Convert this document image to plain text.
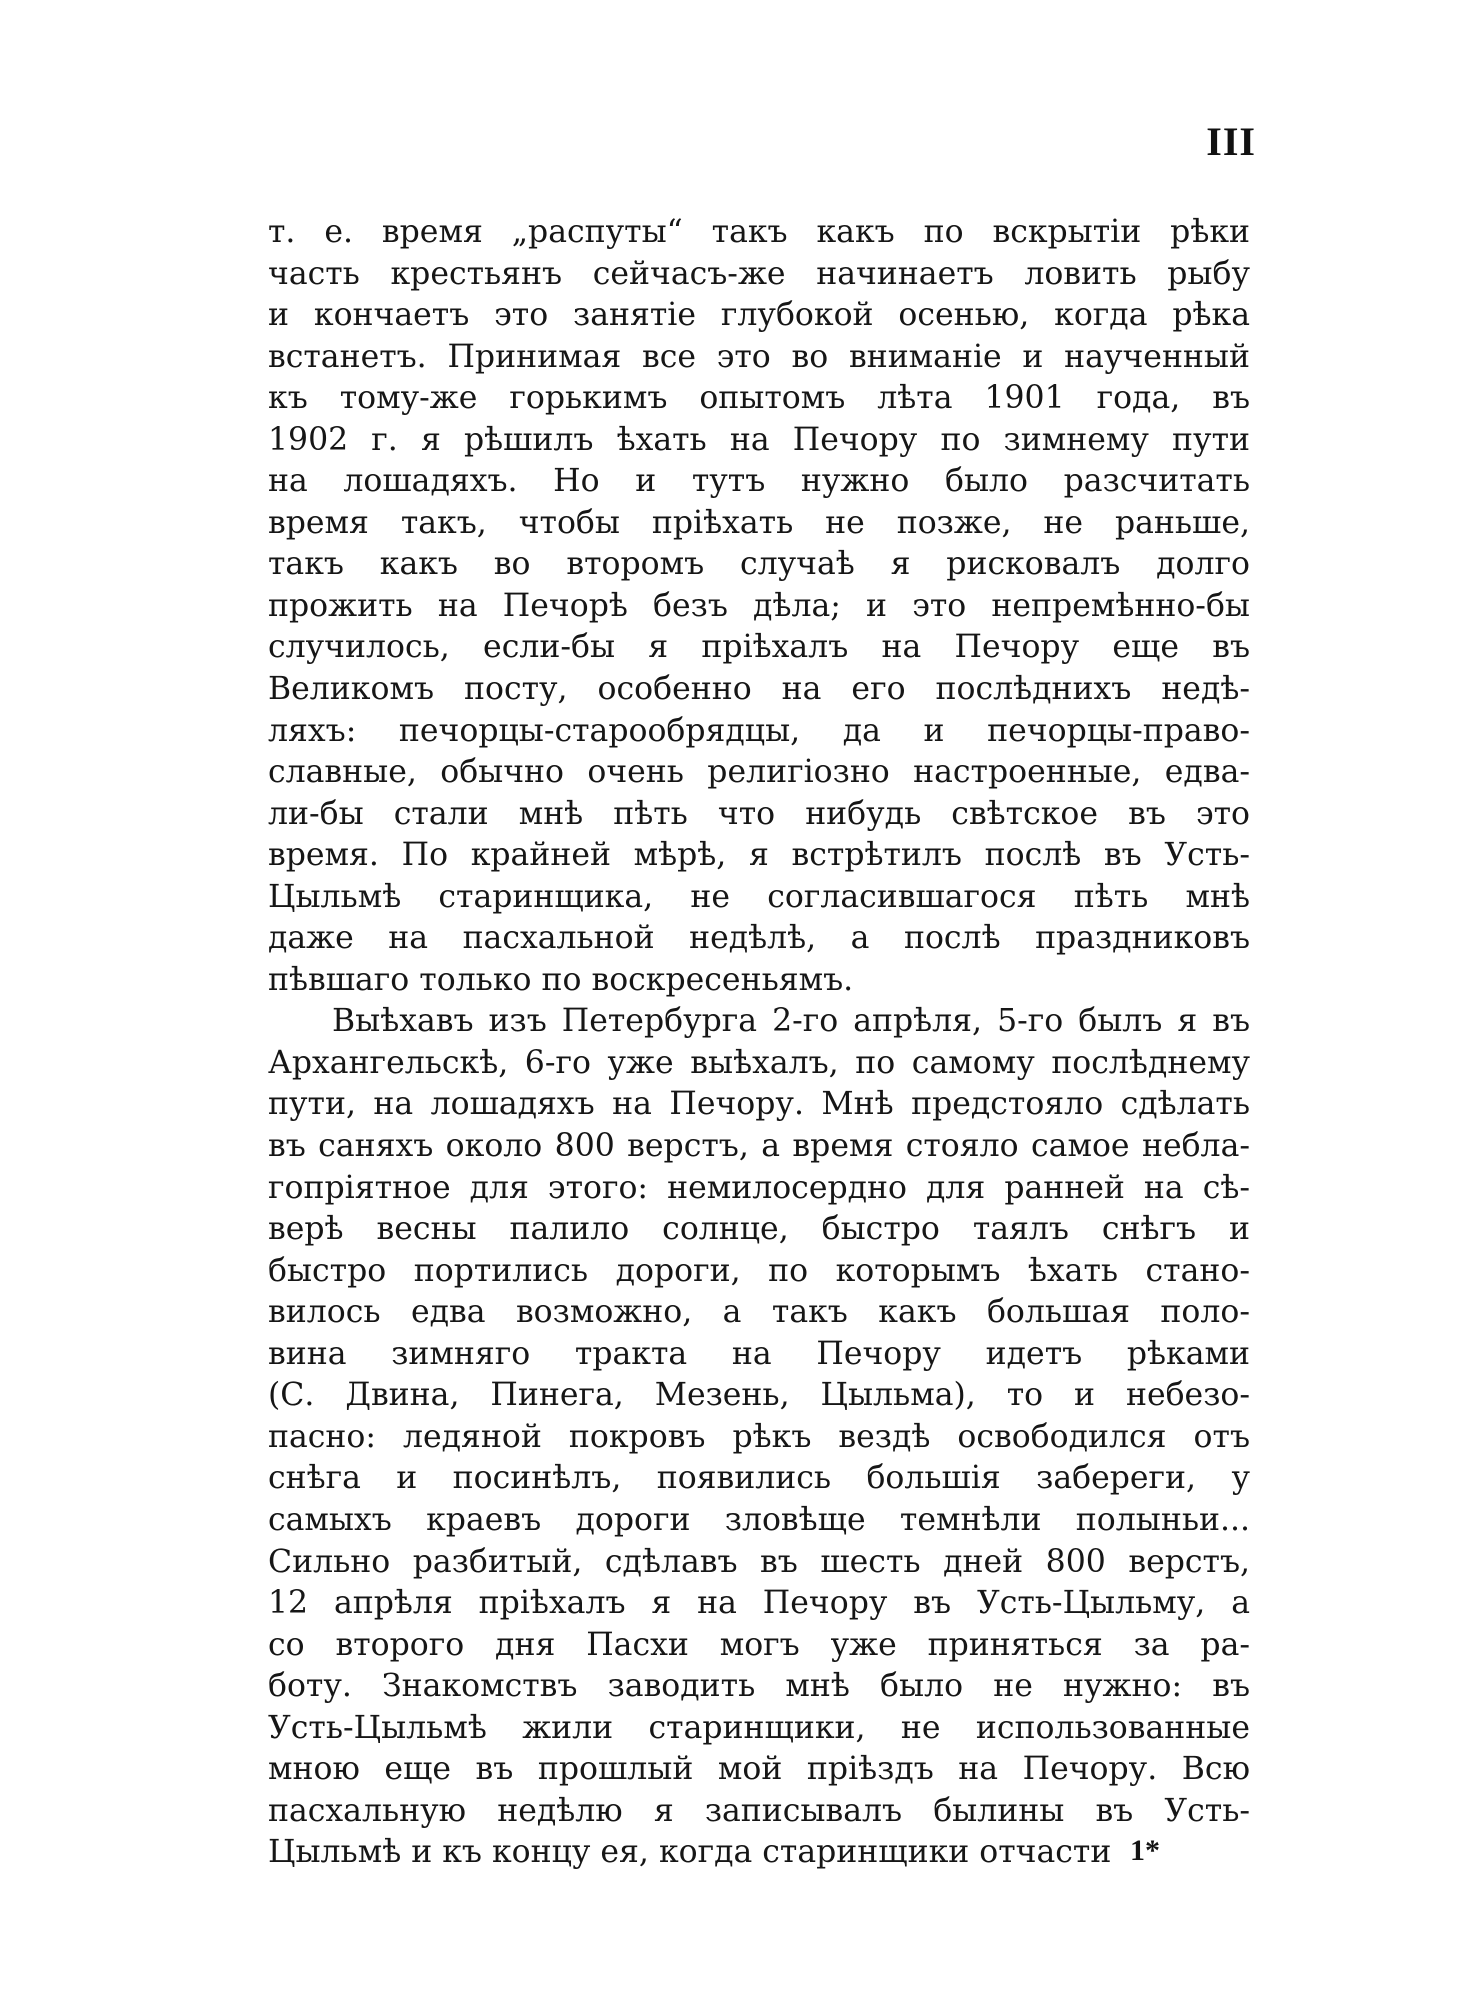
III

т. е. время „распуты“ такъ какъ по вскрытіи рѣки
часть крестьянъ сейчасъ-же начинаетъ ловить рыбу
и кончаетъ это занятіе глубокой осенью, когда рѣка
встанетъ. Принимая все это во вниманіе и наученный
къ тому-же горькимъ опытомъ лѣта 1901 года, въ
1902 г. я рѣшилъ ѣхать на Печору по зимнему пути
на лошадяхъ. Но и тутъ нужно было разсчитать
время такъ, чтобы пріѣхать не позже, не раньше,
такъ какъ во второмъ случаѣ я рисковалъ долго
прожить на Печорѣ безъ дѣла; и это непремѣнно-бы
случилось, если-бы я пріѣхалъ на Печору еще въ
Великомъ посту, особенно на его послѣднихъ недѣ-
ляхъ: печорцы-старообрядцы, да и печорцы-право-
славные, обычно очень религіозно настроенные, едва-
ли-бы стали мнѣ пѣть что нибудь свѣтское въ это
время. По крайней мѣрѣ, я встрѣтилъ послѣ въ Усть-
Цыльмѣ старинщика, не согласившагося пѣть мнѣ
даже на пасхальной недѣлѣ, а послѣ праздниковъ
пѣвшаго только по воскресеньямъ.

Выѣхавъ изъ Петербурга 2-го апрѣля, 5-го былъ я въ
Архангельскѣ, 6-го уже выѣхалъ, по самому послѣднему
пути, на лошадяхъ на Печору. Мнѣ предстояло сдѣлать
въ саняхъ около 800 верстъ, а время стояло самое небла-
гопріятное для этого: немилосердно для ранней на сѣ-
верѣ весны палило солнце, быстро таялъ снѣгъ и
быстро портились дороги, по которымъ ѣхать стано-
вилось едва возможно, а такъ какъ большая поло-
вина зимняго тракта на Печору идетъ рѣками
(С. Двина, Пинега, Мезень, Цыльма), то и небезо-
пасно: ледяной покровъ рѣкъ вездѣ освободился отъ
снѣга и посинѣлъ, появились большія забереги, у
самыхъ краевъ дороги зловѣще темнѣли полыньи...
Сильно разбитый, сдѣлавъ въ шесть дней 800 верстъ,
12 апрѣля пріѣхалъ я на Печору въ Усть-Цыльму, а
со второго дня Пасхи могъ уже приняться за ра-
боту. Знакомствъ заводить мнѣ было не нужно: въ
Усть-Цыльмѣ жили старинщики, не использованные
мною еще въ прошлый мой пріѣздъ на Печору. Всю
пасхальную недѣлю я записывалъ былины въ Усть-
Цыльмѣ и къ концу ея, когда старинщики отчасти 1*
